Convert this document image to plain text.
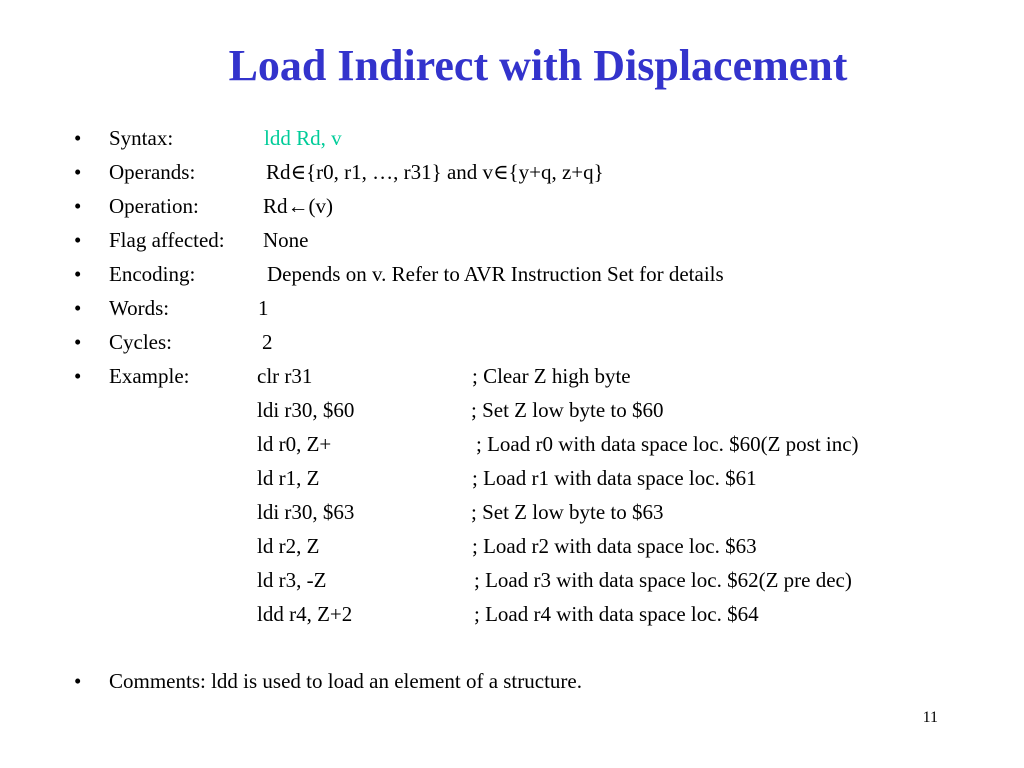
Load Indirect with Displacement
• Syntax:	ldd Rd, v
• Operands:	Rd∈{r0, r1, …, r31} and v∈{y+q, z+q}
• Operation:	Rd←(v)
• Flag affected: None
• Encoding:	Depends on v. Refer to AVR Instruction Set for details
• Words:	1
• Cycles:	2
• Example:	clr r31	; Clear Z high byte
ldi r30, $60	; Set Z low byte to $60
ld r0, Z+	; Load r0 with data space loc. $60(Z post inc)
ld r1, Z	; Load r1 with data space loc. $61
ldi r30, $63	; Set Z low byte to $63
ld r2, Z	; Load r2 with data space loc. $63
ld r3, -Z	; Load r3 with data space loc. $62(Z pre dec)
ldd r4, Z+2	; Load r4 with data space loc. $64
• Comments: ldd is used to load an element of a structure.
11
